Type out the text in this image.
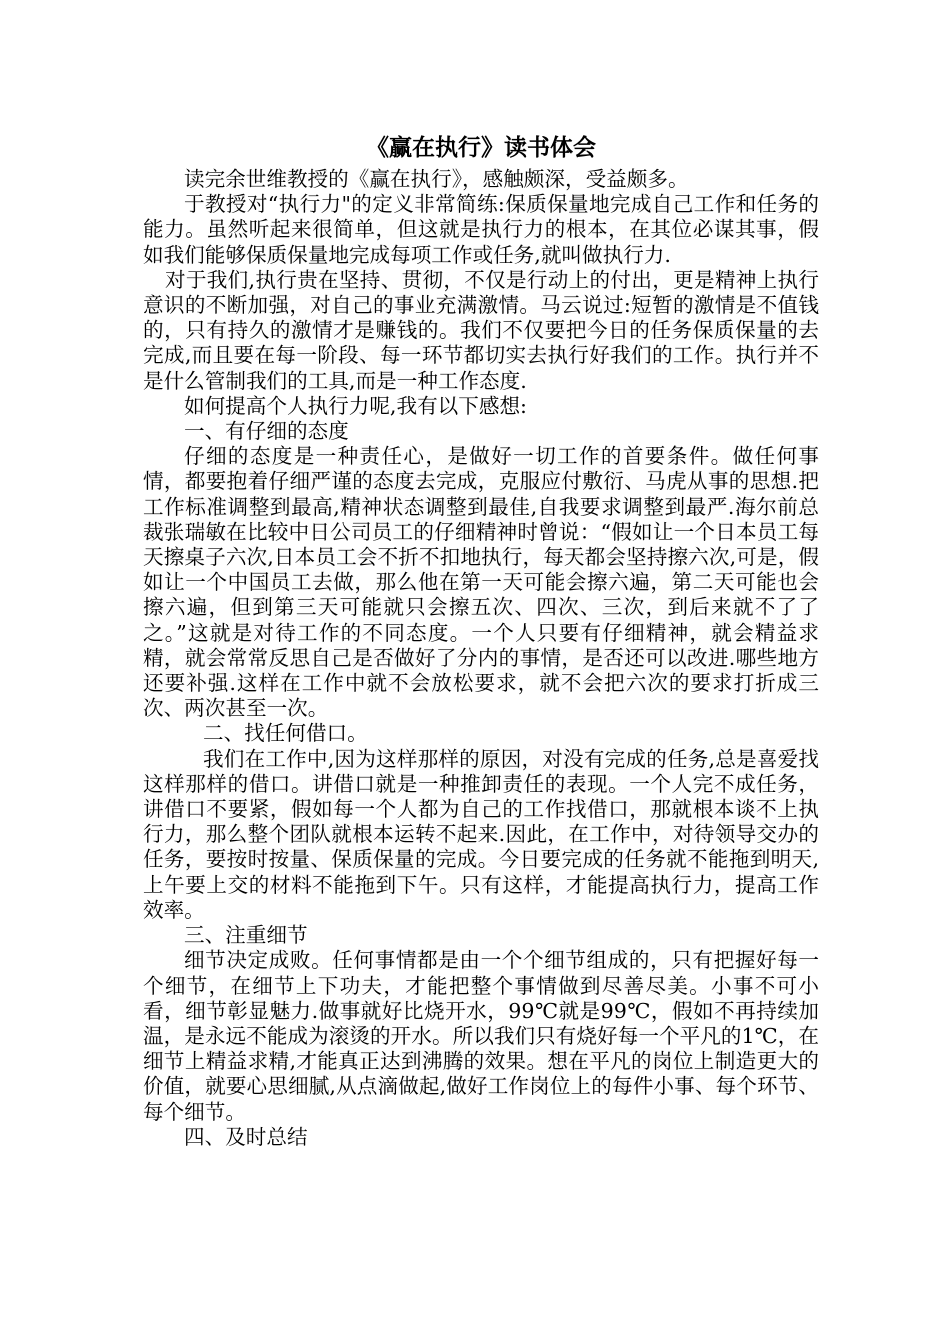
《赢在执行》读书体会

读完余世维教授的《赢在执行》，感触颇深，受益颇多。

于教授对“执行力"的定义非常简练:保质保量地完成自己工作和任务的能力。虽然听起来很简单，但这就是执行力的根本，在其位必谋其事，假如我们能够保质保量地完成每项工作或任务,就叫做执行力.

对于我们,执行贵在坚持、贯彻，不仅是行动上的付出，更是精神上执行意识的不断加强，对自己的事业充满激情。马云说过:短暂的激情是不值钱的，只有持久的激情才是赚钱的。我们不仅要把今日的任务保质保量的去完成,而且要在每一阶段、每一环节都切实去执行好我们的工作。执行并不是什么管制我们的工具,而是一种工作态度.

如何提高个人执行力呢,我有以下感想:

一、有仔细的态度

仔细的态度是一种责任心，是做好一切工作的首要条件。做任何事情，都要抱着仔细严谨的态度去完成，克服应付敷衍、马虎从事的思想.把工作标准调整到最高,精神状态调整到最佳,自我要求调整到最严.海尔前总裁张瑞敏在比较中日公司员工的仔细精神时曾说：“假如让一个日本员工每天擦桌子六次,日本员工会不折不扣地执行，每天都会坚持擦六次,可是，假如让一个中国员工去做，那么他在第一天可能会擦六遍，第二天可能也会擦六遍，但到第三天可能就只会擦五次、四次、三次，到后来就不了了之。”这就是对待工作的不同态度。一个人只要有仔细精神，就会精益求精，就会常常反思自己是否做好了分内的事情，是否还可以改进.哪些地方还要补强.这样在工作中就不会放松要求，就不会把六次的要求打折成三次、两次甚至一次。

二、找任何借口。

我们在工作中,因为这样那样的原因，对没有完成的任务,总是喜爱找这样那样的借口。讲借口就是一种推卸责任的表现。一个人完不成任务，讲借口不要紧，假如每一个人都为自己的工作找借口，那就根本谈不上执行力，那么整个团队就根本运转不起来.因此，在工作中，对待领导交办的任务，要按时按量、保质保量的完成。今日要完成的任务就不能拖到明天,上午要上交的材料不能拖到下午。只有这样，才能提高执行力，提高工作效率。

三、注重细节

细节决定成败。任何事情都是由一个个细节组成的，只有把握好每一个细节，在细节上下功夫，才能把整个事情做到尽善尽美。小事不可小看，细节彰显魅力.做事就好比烧开水，99℃就是99℃，假如不再持续加温，是永远不能成为滚烫的开水。所以我们只有烧好每一个平凡的1℃，在细节上精益求精,才能真正达到沸腾的效果。想在平凡的岗位上制造更大的价值，就要心思细腻,从点滴做起,做好工作岗位上的每件小事、每个环节、每个细节。

四、及时总结
